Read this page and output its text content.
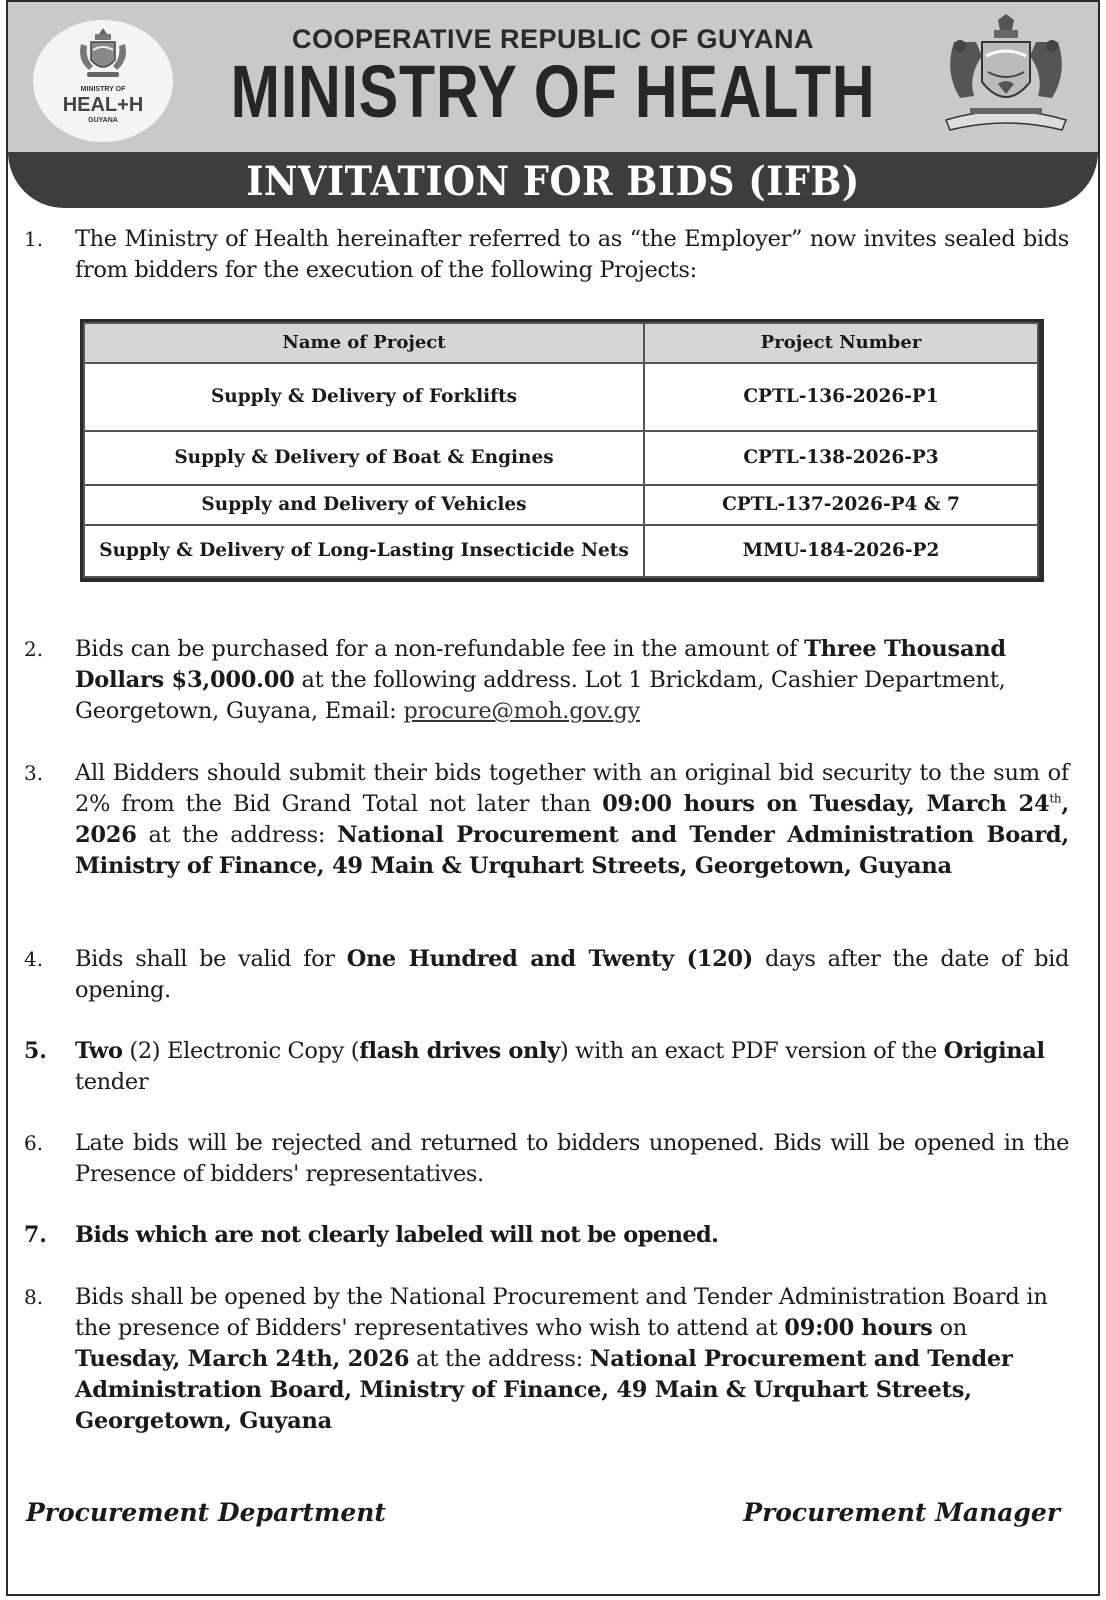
MINISTRY OF
HEAL+H
GUYANA
COOPERATIVE REPUBLIC OF GUYANA
MINISTRY OF HEALTH
INVITATION FOR BIDS (IFB)
1. The Ministry of Health hereinafter referred to as “the Employer” now invites sealed bids from bidders for the execution of the following Projects:
Name of Project	Project Number
Supply & Delivery of Forklifts	CPTL-136-2026-P1
Supply & Delivery of Boat & Engines	CPTL-138-2026-P3
Supply and Delivery of Vehicles	CPTL-137-2026-P4 & 7
Supply & Delivery of Long-Lasting Insecticide Nets	MMU-184-2026-P2
2. Bids can be purchased for a non-refundable fee in the amount of Three Thousand Dollars $3,000.00 at the following address. Lot 1 Brickdam, Cashier Department, Georgetown, Guyana, Email: procure@moh.gov.gy
3. All Bidders should submit their bids together with an original bid security to the sum of 2% from the Bid Grand Total not later than 09:00 hours on Tuesday, March 24th, 2026 at the address: National Procurement and Tender Administration Board, Ministry of Finance, 49 Main & Urquhart Streets, Georgetown, Guyana
4. Bids shall be valid for One Hundred and Twenty (120) days after the date of bid opening.
5. Two (2) Electronic Copy (flash drives only) with an exact PDF version of the Original tender
6. Late bids will be rejected and returned to bidders unopened. Bids will be opened in the Presence of bidders' representatives.
7. Bids which are not clearly labeled will not be opened.
8. Bids shall be opened by the National Procurement and Tender Administration Board in the presence of Bidders' representatives who wish to attend at 09:00 hours on Tuesday, March 24th, 2026 at the address: National Procurement and Tender Administration Board, Ministry of Finance, 49 Main & Urquhart Streets, Georgetown, Guyana
Procurement Department	Procurement Manager
